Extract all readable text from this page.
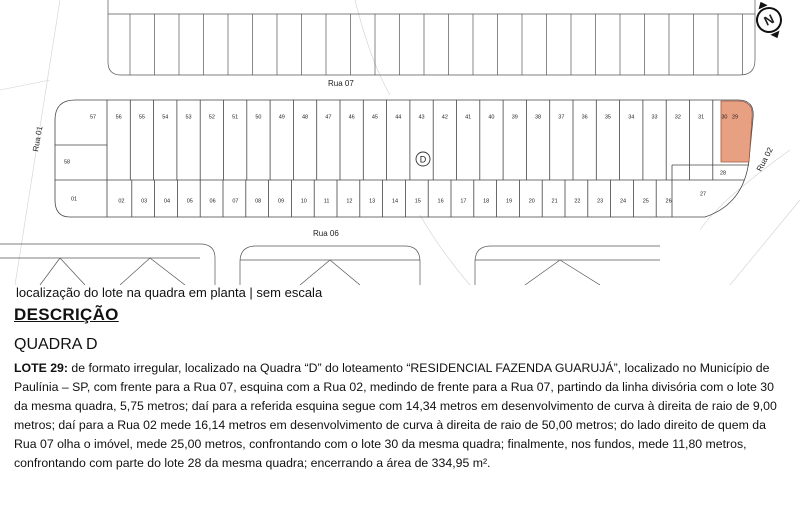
Rua 07
Rua 06
Rua 01
Rua 02
57	56	55	54	53	52	51	50	49	48	47	46	45	44	43	42	41	40	39	38	37	36	35	34	33	32	31	30 29
02	03	04	05	06	07	08	09	10	11	12	13	14	15	16	17	18	19	20	21	22	23	24	25	26
58
01
28
27
D
N
localização do lote na quadra em planta | sem escala
DESCRIÇÃO
QUADRA D

LOTE 29: de formato irregular, localizado na Quadra “D” do loteamento “RESIDENCIAL FAZENDA GUARUJÁ”, localizado no Município de Paulínia – SP, com frente para a Rua 07, esquina com a Rua 02, medindo de frente para a Rua 07, partindo da linha divisória com o lote 30 da mesma quadra, 5,75 metros; daí para a referida esquina segue com 14,34 metros em desenvolvimento de curva à direita de raio de 9,00 metros; daí para a Rua 02 mede 16,14 metros em desenvolvimento de curva à direita de raio de 50,00 metros; do lado direito de quem da Rua 07 olha o imóvel, mede 25,00 metros, confrontando com o lote 30 da mesma quadra; finalmente, nos fundos, mede 11,80 metros, confrontando com parte do lote 28 da mesma quadra; encerrando a área de 334,95 m².
